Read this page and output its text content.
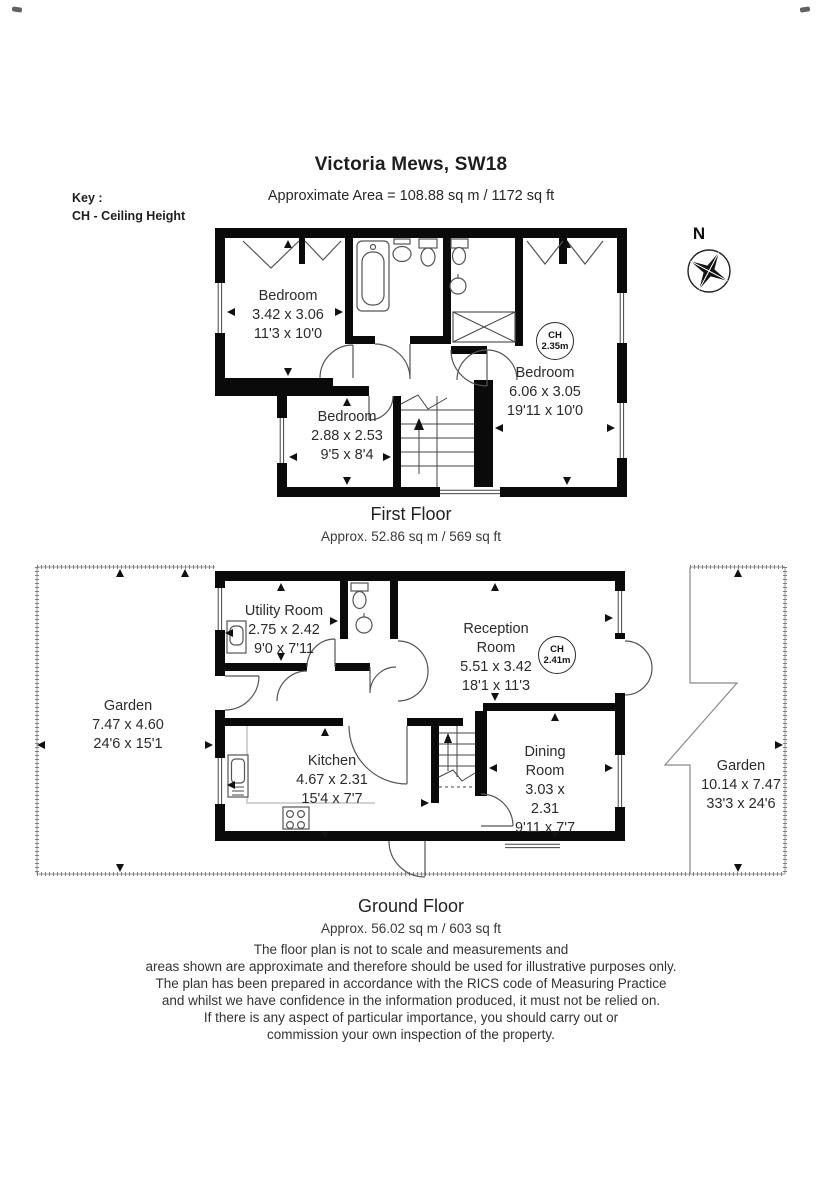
Victoria Mews, SW18
Approximate Area = 108.88 sq m / 1172 sq ft
Key :
CH - Ceiling Height
N
Bedroom
3.42 x 3.06
11'3 x 10'0
Bedroom
2.88 x 2.53
9'5 x 8'4
Bedroom
6.06 x 3.05
19'11 x 10'0
CH
2.35m
First Floor
Approx. 52.86 sq m / 569 sq ft
Utility Room
2.75 x 2.42
9'0 x 7'11
Reception Room
5.51 x 3.42
18'1 x 11'3
Garden
7.47 x 4.60
24'6 x 15'1
Kitchen
4.67 x 2.31
15'4 x 7'7
Dining Room
3.03 x 2.31
9'11 x 7'7
Garden
10.14 x 7.47
33'3 x 24'6
CH
2.41m
Ground Floor
Approx. 56.02 sq m / 603 sq ft
The floor plan is not to scale and measurements and
areas shown are approximate and therefore should be used for illustrative purposes only.
The plan has been prepared in accordance with the RICS code of Measuring Practice
and whilst we have confidence in the information produced, it must not be relied on.
If there is any aspect of particular importance, you should carry out or
commission your own inspection of the property.
